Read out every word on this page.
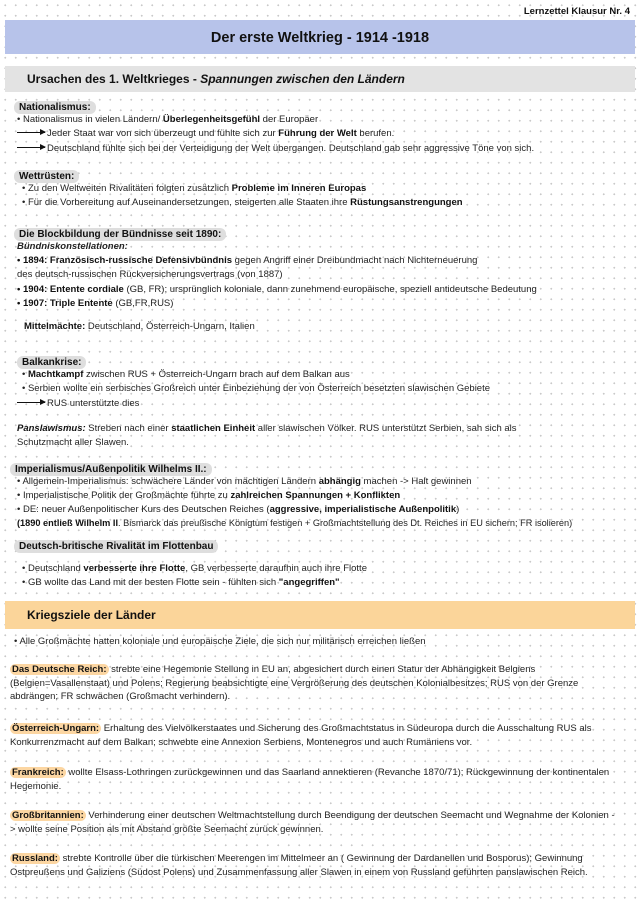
Lernzettel Klausur Nr. 4
Der erste Weltkrieg - 1914 -1918
Ursachen des 1. Weltkrieges - Spannungen zwischen den Ländern
Nationalismus:
• Nationalismus in vielen Ländern/ Überlegenheitsgefühl der Europäer
Jeder Staat war von sich überzeugt und fühlte sich zur Führung der Welt berufen.
Deutschland fühlte sich bei der Verteidigung der Welt übergangen. Deutschland gab sehr aggressive Töne von sich.
Wettrüsten:
• Zu den Weltweiten Rivalitäten folgten zusätzlich Probleme im Inneren Europas
• Für die Vorbereitung auf Auseinandersetzungen, steigerten alle Staaten ihre Rüstungsanstrengungen
Die Blockbildung der Bündnisse seit 1890:
Bündniskonstellationen:
• 1894: Französisch-russische Defensivbündnis gegen Angriff einer Dreibundmacht nach Nichterneuerung
des deutsch-russischen Rückversicherungsvertrags (von 1887)
• 1904: Entente cordiale (GB, FR); ursprünglich koloniale, dann zunehmend europäische, speziell antideutsche Bedeutung
• 1907: Triple Entente (GB,FR,RUS)
Mittelmächte: Deutschland, Österreich-Ungarn, Italien
Balkankrise:
• Machtkampf zwischen RUS + Österreich-Ungarn brach auf dem Balkan aus
• Serbien wollte ein serbisches Großreich unter Einbeziehung der von Österreich besetzten slawischen Gebiete
RUS unterstützte dies
Panslawismus: Streben nach einer staatlichen Einheit aller slawischen Völker. RUS unterstützt Serbien, sah sich als
Schutzmacht aller Slawen.
Imperialismus/Außenpolitik Wilhelms II.:
• Allgemein-Imperialismus: schwächere Länder von mächtigen Ländern abhängig machen -> Halt gewinnen
• Imperialistische Politik der Großmächte führte zu zahlreichen Spannungen + Konflikten
• DE: neuer Außenpolitischer Kurs des Deutschen Reiches (aggressive, imperialistische Außenpolitik)
(1890 entließ Wilhelm II. Bismarck das preußische Königtum festigen + Großmachtstellung des Dt. Reiches in EU sichern; FR isolieren)
Deutsch-britische Rivalität im Flottenbau
• Deutschland verbesserte ihre Flotte, GB verbesserte daraufhin auch ihre Flotte
• GB wollte das Land mit der besten Flotte sein - fühlten sich "angegriffen"
Kriegsziele der Länder
• Alle Großmächte hatten koloniale und europäische Ziele, die sich nur militärisch erreichen ließen
Das Deutsche Reich: strebte eine Hegemonie Stellung in EU an, abgesichert durch einen Statur der Abhängigkeit Belgiens (Belgien=Vasallenstaat) und Polens; Regierung beabsichtigte eine Vergrößerung des deutschen Kolonialbesitzes; RUS von der Grenze abdrängen; FR schwächen (Großmacht verhindern).
Österreich-Ungarn: Erhaltung des Vielvölkerstaates und Sicherung des Großmachtstatus in Südeuropa durch die Ausschaltung RUS als Konkurrenzmacht auf dem Balkan; schwebte eine Annexion Serbiens, Montenegros und auch Rumäniens vor.
Frankreich: wollte Elsass-Lothringen zurückgewinnen und das Saarland annektieren (Revanche 1870/71); Rückgewinnung der kontinentalen Hegemonie.
Großbritannien: Verhinderung einer deutschen Weltmachtstellung durch Beendigung der deutschen Seemacht und Wegnahme der Kolonien -> wollte seine Position als mit Abstand größte Seemacht zurück gewinnen.
Russland: strebte Kontrolle über die türkischen Meerengen im Mittelmeer an ( Gewinnung der Dardanellen und Bosporus); Gewinnung Ostpreußens und Galiziens (Südost Polens) und Zusammenfassung aller Slawen in einem von Russland geführten panslawischen Reich.
